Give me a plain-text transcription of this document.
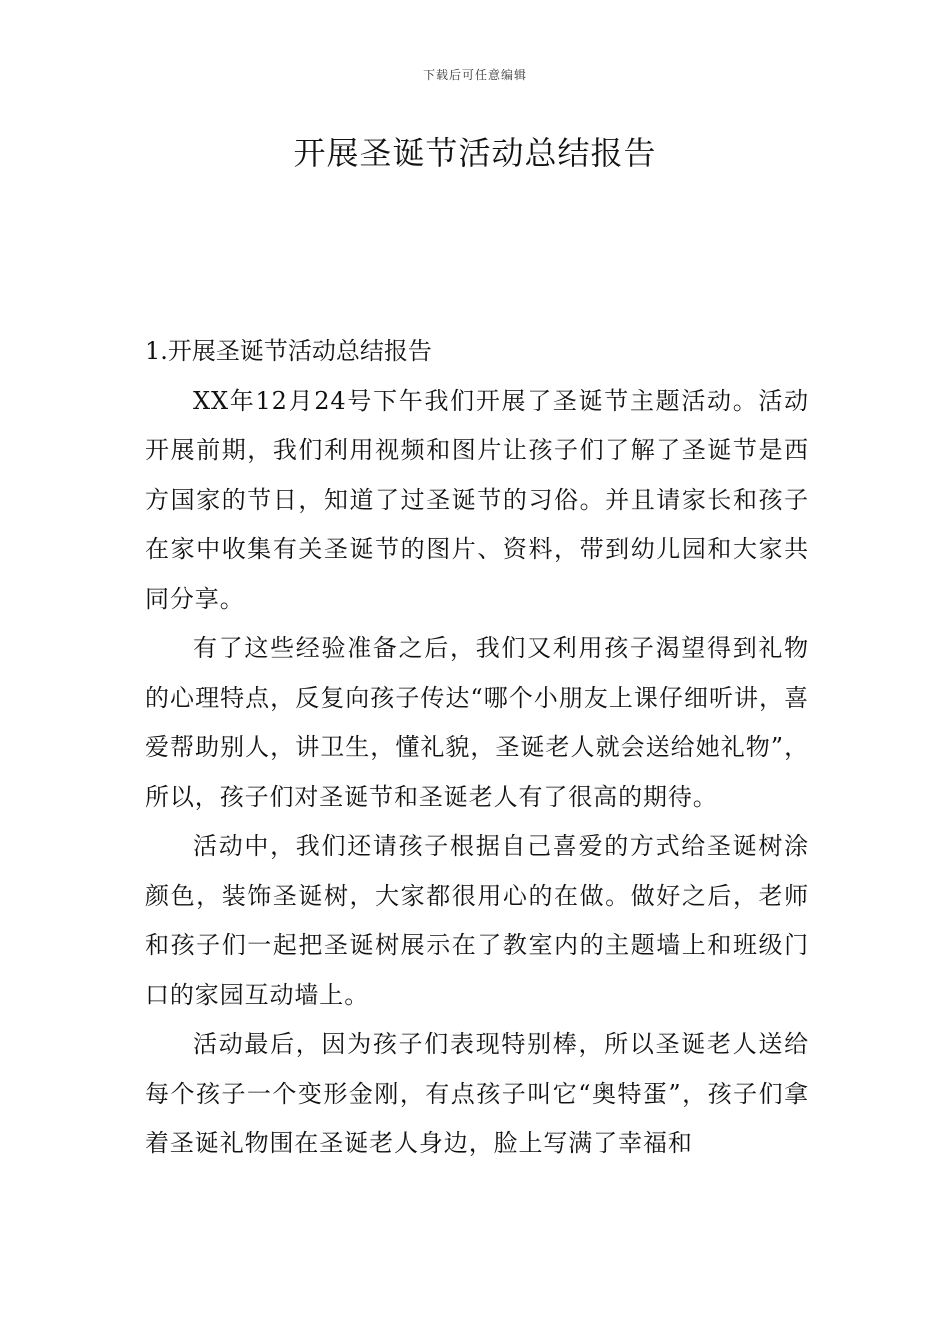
下载后可任意编辑
开展圣诞节活动总结报告

1.开展圣诞节活动总结报告

XX年12月24号下午我们开展了圣诞节主题活动。活动开展前期，我们利用视频和图片让孩子们了解了圣诞节是西方国家的节日，知道了过圣诞节的习俗。并且请家长和孩子在家中收集有关圣诞节的图片、资料，带到幼儿园和大家共同分享。

有了这些经验准备之后，我们又利用孩子渴望得到礼物的心理特点，反复向孩子传达“哪个小朋友上课仔细听讲，喜爱帮助别人，讲卫生，懂礼貌，圣诞老人就会送给她礼物”，所以，孩子们对圣诞节和圣诞老人有了很高的期待。

活动中，我们还请孩子根据自己喜爱的方式给圣诞树涂颜色，装饰圣诞树，大家都很用心的在做。做好之后，老师和孩子们一起把圣诞树展示在了教室内的主题墙上和班级门口的家园互动墙上。

活动最后，因为孩子们表现特别棒，所以圣诞老人送给每个孩子一个变形金刚，有点孩子叫它“奥特蛋”，孩子们拿着圣诞礼物围在圣诞老人身边，脸上写满了幸福和
